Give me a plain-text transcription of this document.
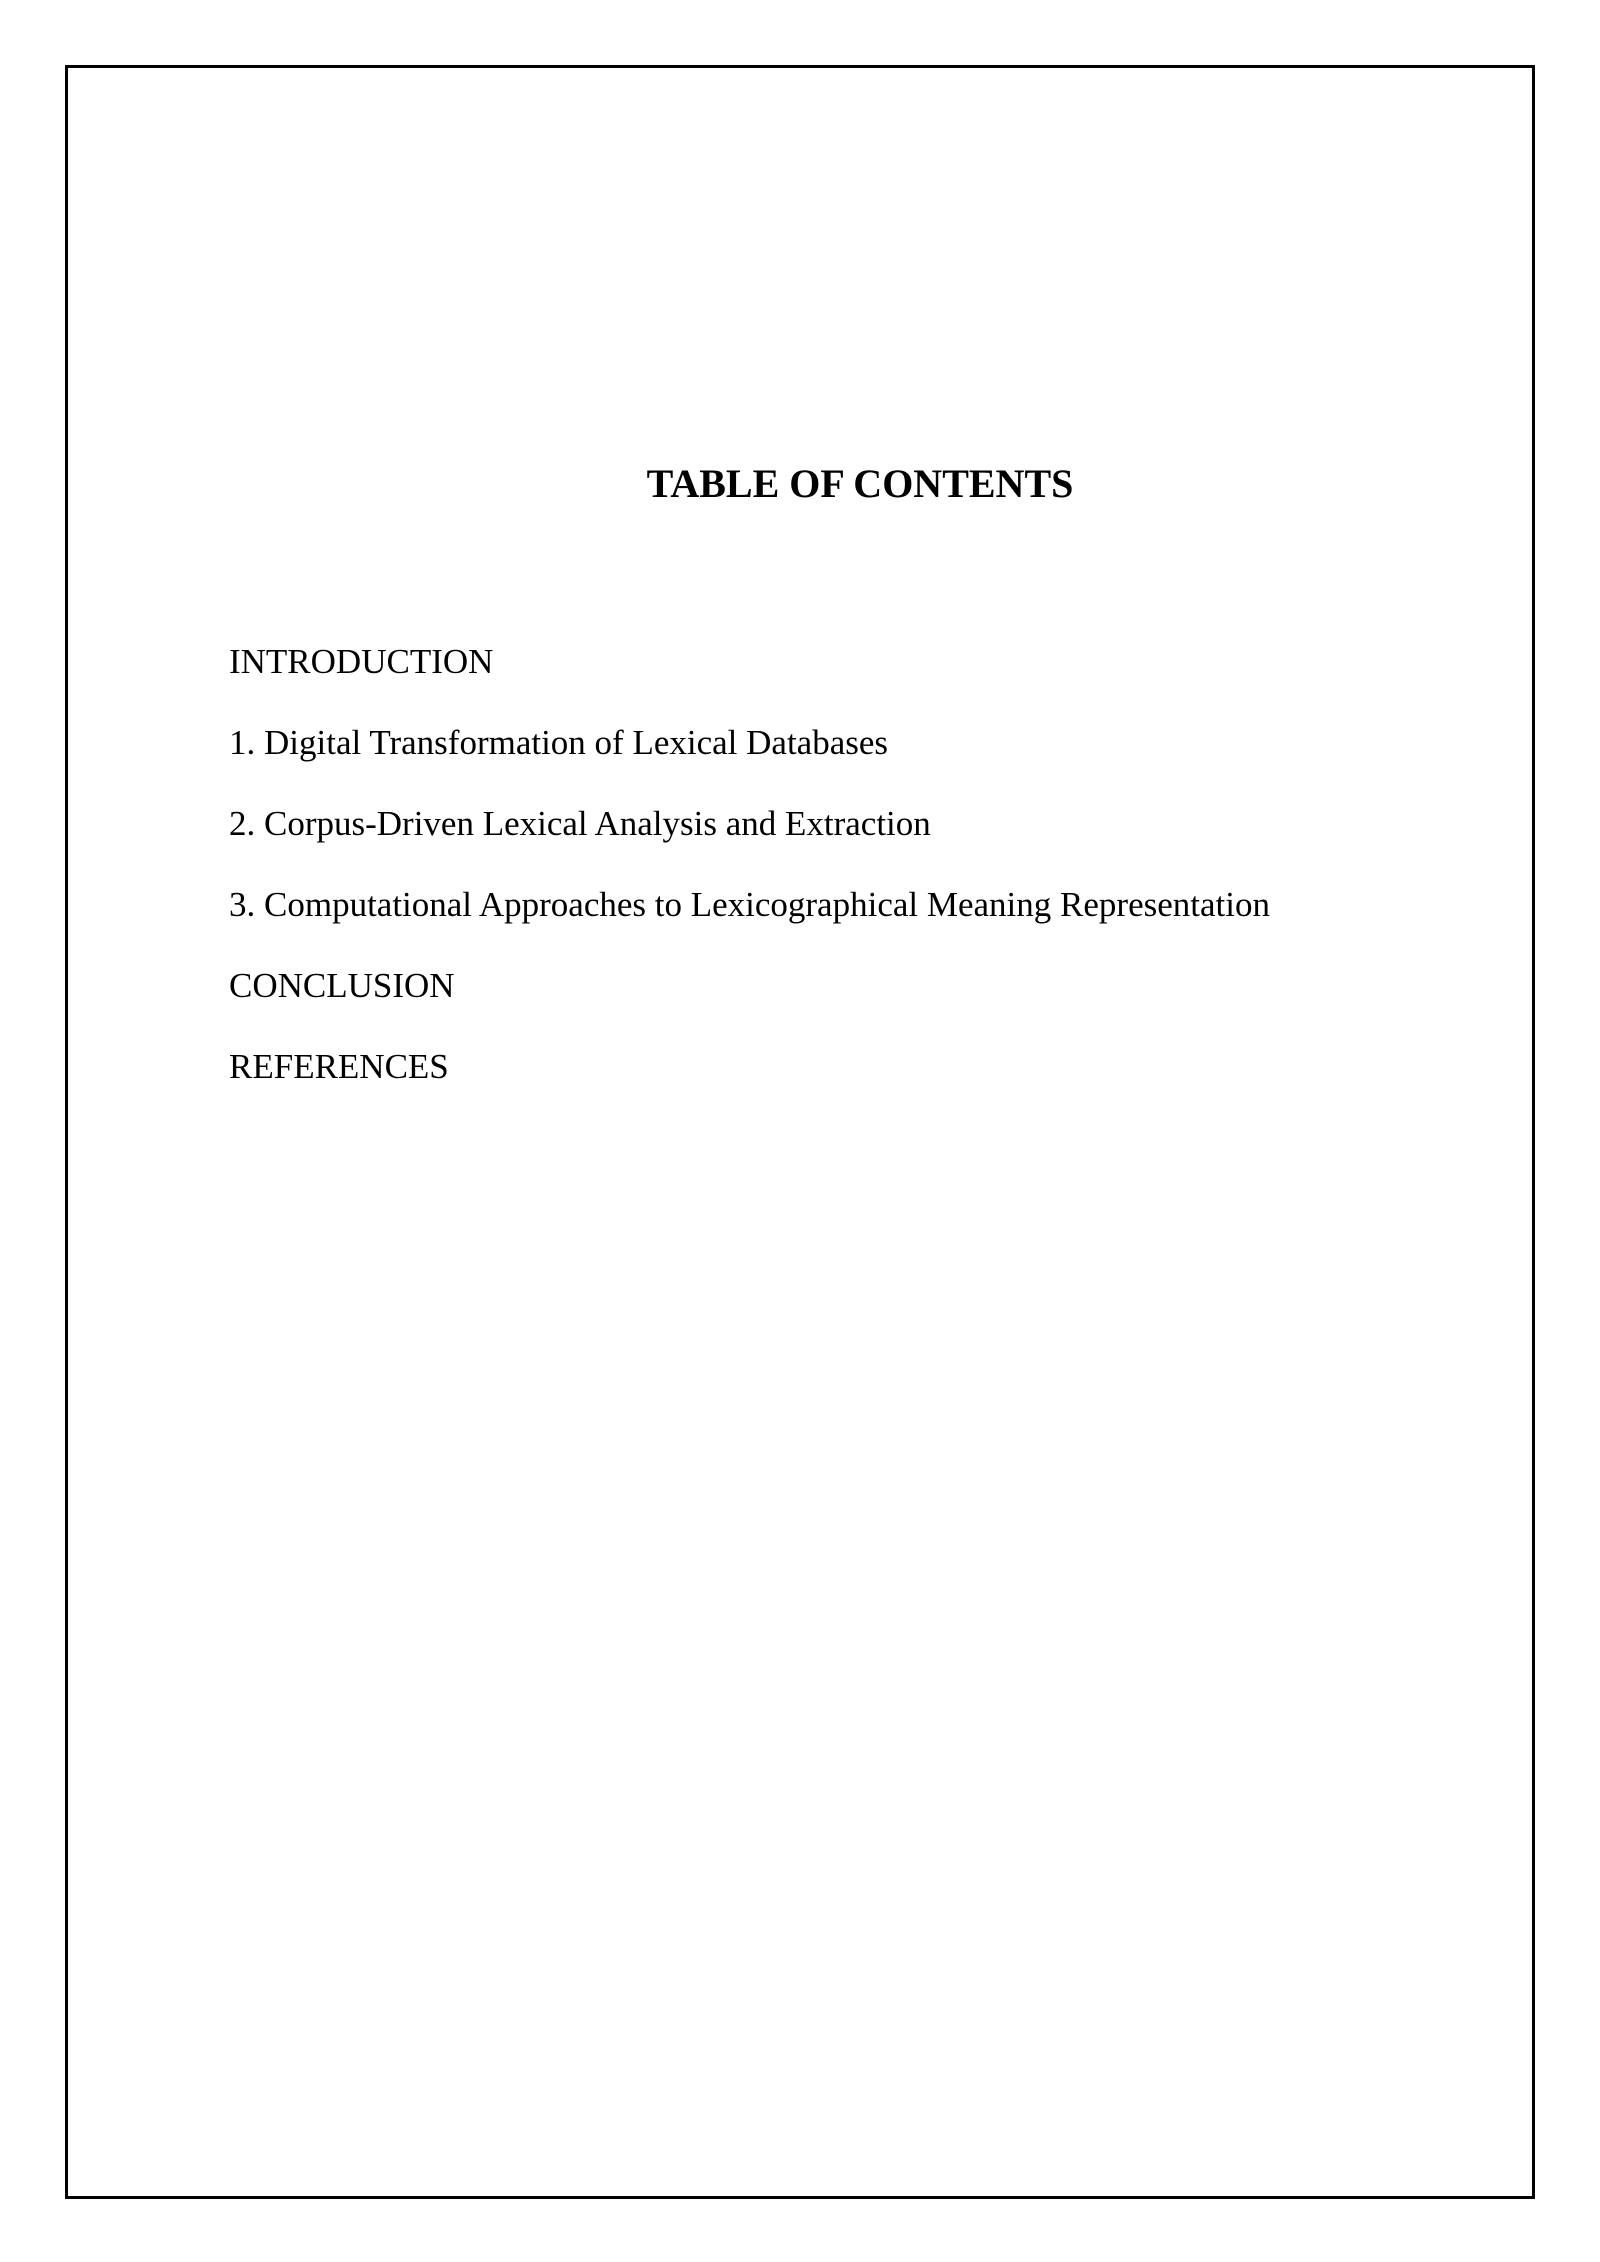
TABLE OF CONTENTS
INTRODUCTION
1. Digital Transformation of Lexical Databases
2. Corpus-Driven Lexical Analysis and Extraction
3. Computational Approaches to Lexicographical Meaning Representation
CONCLUSION
REFERENCES
